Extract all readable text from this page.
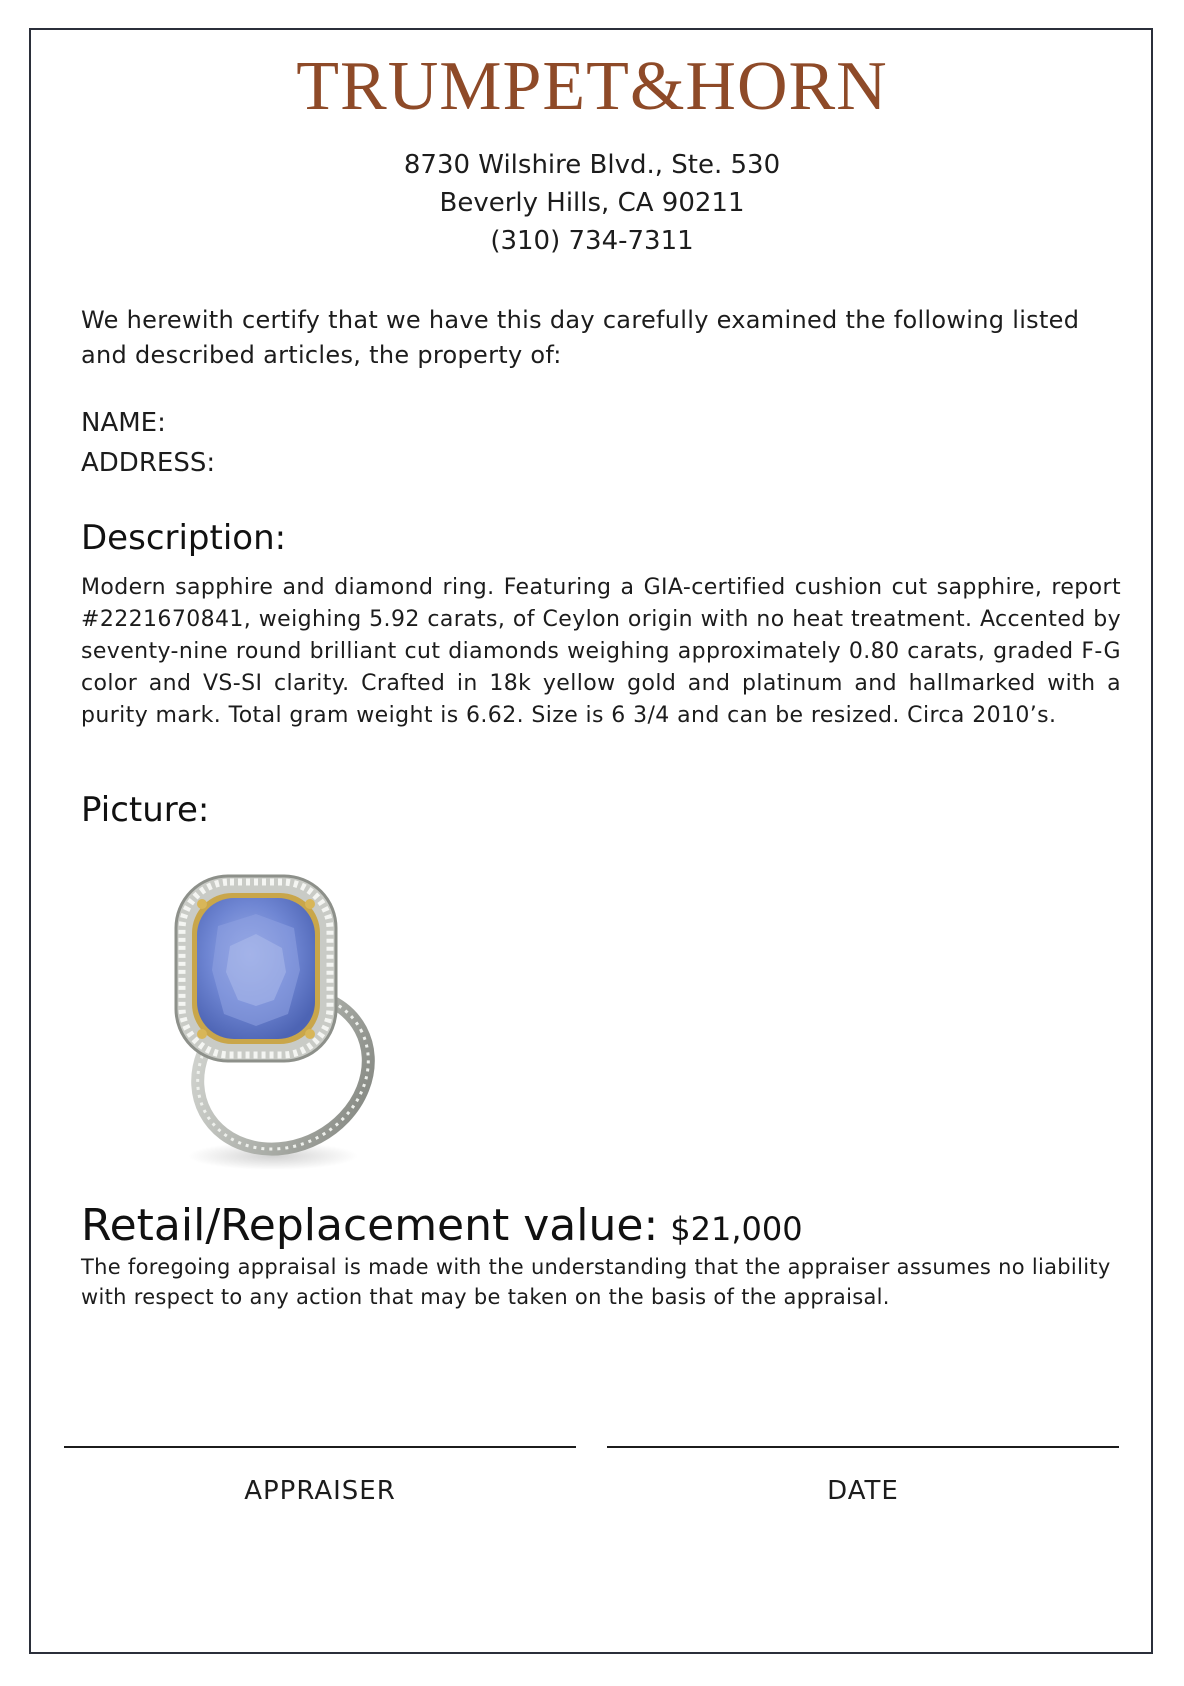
TRUMPET&HORN
8730 Wilshire Blvd., Ste. 530
Beverly Hills, CA 90211
(310) 734-7311
We herewith certify that we have this day carefully examined the following listed and described articles, the property of:
NAME:
ADDRESS:
Description:
Modern sapphire and diamond ring. Featuring a GIA-certified cushion cut sapphire, report #2221670841, weighing 5.92 carats, of Ceylon origin with no heat treatment. Accented by seventy-nine round brilliant cut diamonds weighing approximately 0.80 carats, graded F-G color and VS-SI clarity. Crafted in 18k yellow gold and platinum and hallmarked with a purity mark. Total gram weight is 6.62. Size is 6 3/4 and can be resized. Circa 2010’s.
Picture:
Retail/Replacement value: $21,000
The foregoing appraisal is made with the understanding that the appraiser assumes no liability with respect to any action that may be taken on the basis of the appraisal.
APPRAISER	DATE
